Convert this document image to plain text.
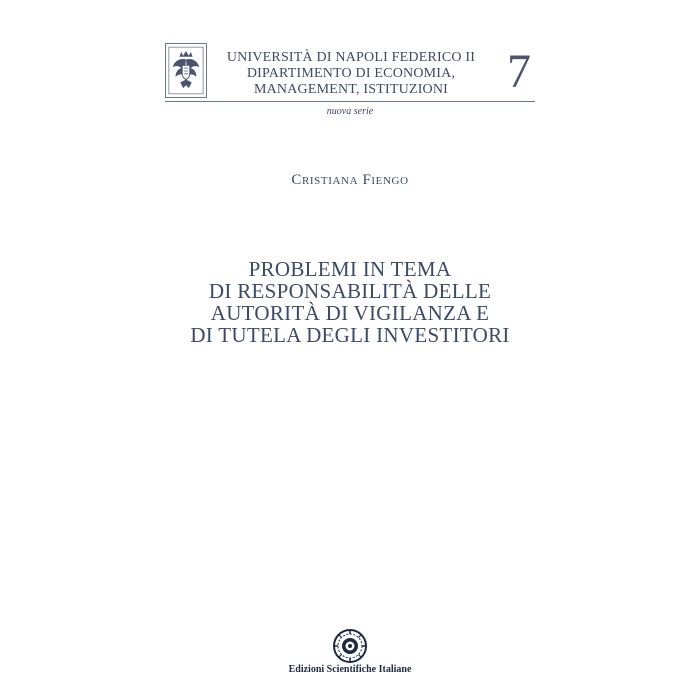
UNIVERSITÀ DI NAPOLI FEDERICO II
DIPARTIMENTO DI ECONOMIA,
MANAGEMENT, ISTITUZIONI	7
nuova serie
Cristiana Fiengo
PROBLEMI IN TEMA
DI RESPONSABILITÀ DELLE
AUTORITÀ DI VIGILANZA E
DI TUTELA DEGLI INVESTITORI
Edizioni Scientifiche Italiane
